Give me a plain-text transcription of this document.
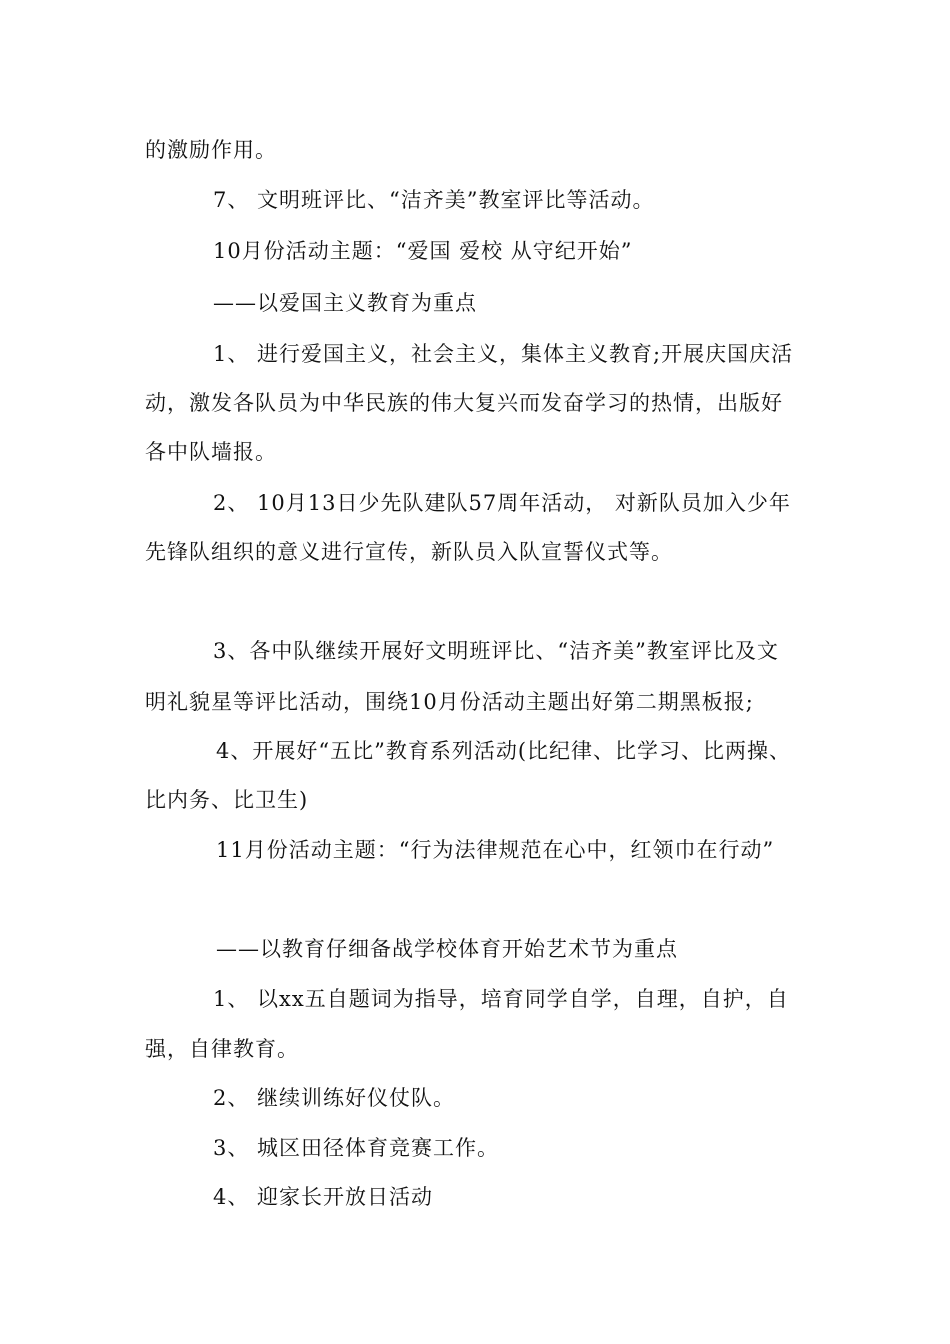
的激励作用。
7、 文明班评比、“洁齐美”教室评比等活动。
10月份活动主题：“爱国 爱校 从守纪开始”
——以爱国主义教育为重点
1、 进行爱国主义，社会主义，集体主义教育;开展庆国庆活
动，激发各队员为中华民族的伟大复兴而发奋学习的热情，出版好
各中队墙报。
2、 10月13日少先队建队57周年活动， 对新队员加入少年
先锋队组织的意义进行宣传，新队员入队宣誓仪式等。
3、各中队继续开展好文明班评比、“洁齐美”教室评比及文
明礼貌星等评比活动，围绕10月份活动主题出好第二期黑板报;
4、开展好“五比”教育系列活动(比纪律、比学习、比两操、
比内务、比卫生)
11月份活动主题：“行为法律规范在心中，红领巾在行动”
——以教育仔细备战学校体育开始艺术节为重点
1、 以xx五自题词为指导，培育同学自学，自理，自护，自
强，自律教育。
2、 继续训练好仪仗队。
3、 城区田径体育竞赛工作。
4、 迎家长开放日活动
